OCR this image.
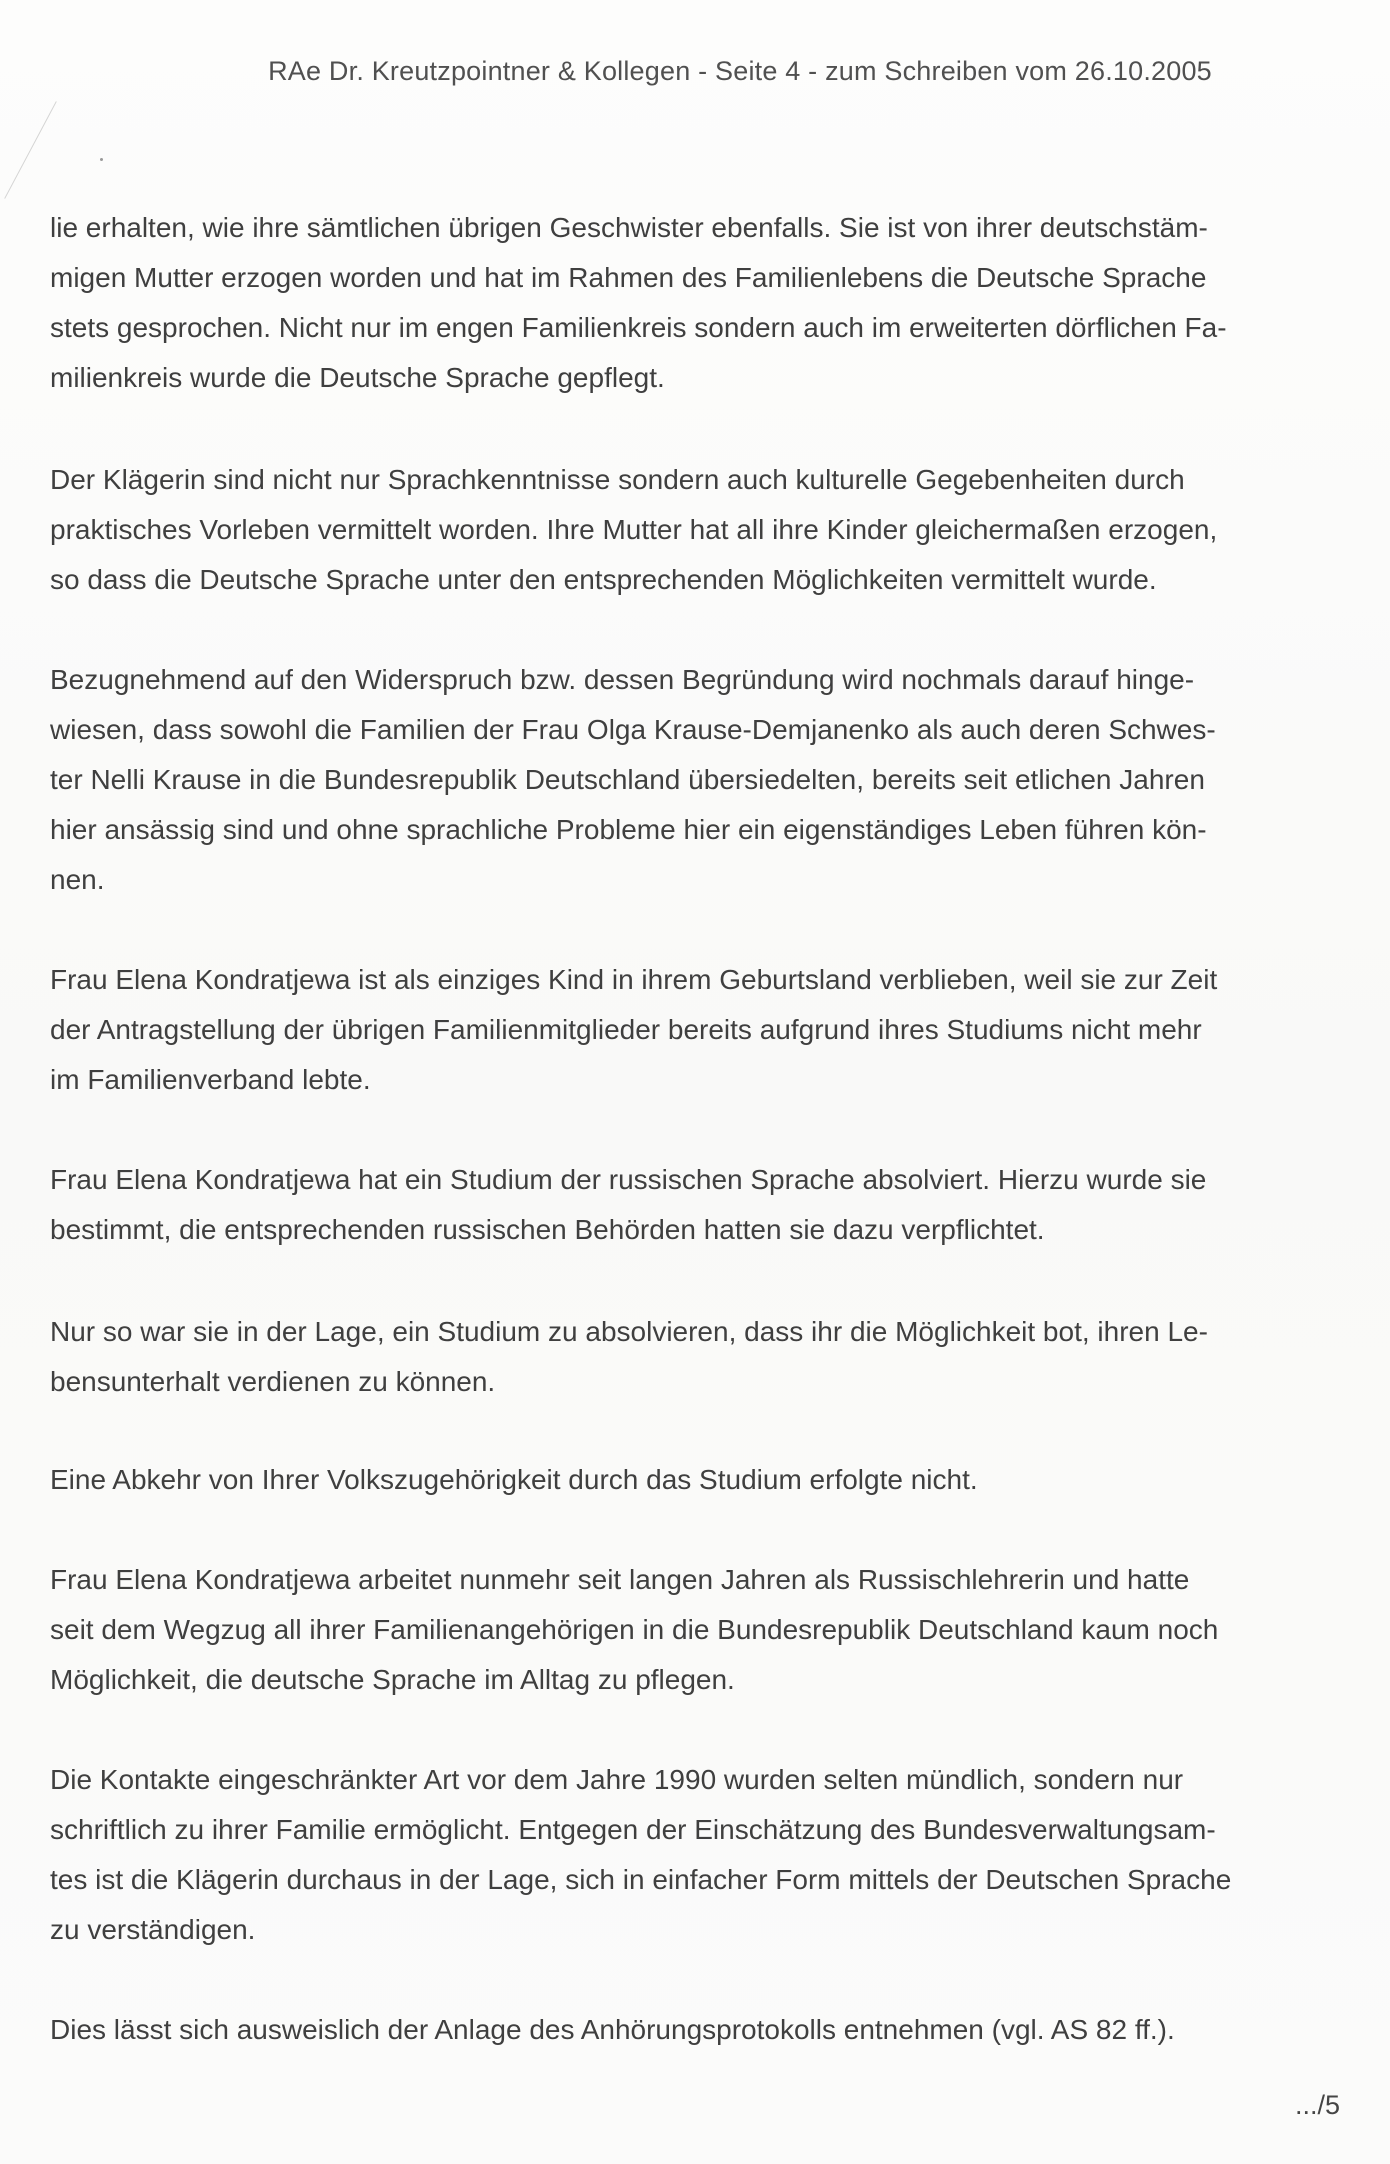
RAe Dr. Kreutzpointner & Kollegen - Seite 4 - zum Schreiben vom 26.10.2005
lie erhalten, wie ihre sämtlichen übrigen Geschwister ebenfalls. Sie ist von ihrer deutschstäm-
migen Mutter erzogen worden und hat im Rahmen des Familienlebens die Deutsche Sprache
stets gesprochen. Nicht nur im engen Familienkreis sondern auch im erweiterten dörflichen Fa-
milienkreis wurde die Deutsche Sprache gepflegt.
Der Klägerin sind nicht nur Sprachkenntnisse sondern auch kulturelle Gegebenheiten durch
praktisches Vorleben vermittelt worden. Ihre Mutter hat all ihre Kinder gleichermaßen erzogen,
so dass die Deutsche Sprache unter den entsprechenden Möglichkeiten vermittelt wurde.
Bezugnehmend auf den Widerspruch bzw. dessen Begründung wird nochmals darauf hinge-
wiesen, dass sowohl die Familien der Frau Olga Krause-Demjanenko als auch deren Schwes-
ter Nelli Krause in die Bundesrepublik Deutschland übersiedelten, bereits seit etlichen Jahren
hier ansässig sind und ohne sprachliche Probleme hier ein eigenständiges Leben führen kön-
nen.
Frau Elena Kondratjewa ist als einziges Kind in ihrem Geburtsland verblieben, weil sie zur Zeit
der Antragstellung der übrigen Familienmitglieder bereits aufgrund ihres Studiums nicht mehr
im Familienverband lebte.
Frau Elena Kondratjewa hat ein Studium der russischen Sprache absolviert. Hierzu wurde sie
bestimmt, die entsprechenden russischen Behörden hatten sie dazu verpflichtet.
Nur so war sie in der Lage, ein Studium zu absolvieren, dass ihr die Möglichkeit bot, ihren Le-
bensunterhalt verdienen zu können.
Eine Abkehr von Ihrer Volkszugehörigkeit durch das Studium erfolgte nicht.
Frau Elena Kondratjewa arbeitet nunmehr seit langen Jahren als Russischlehrerin und hatte
seit dem Wegzug all ihrer Familienangehörigen in die Bundesrepublik Deutschland kaum noch
Möglichkeit, die deutsche Sprache im Alltag zu pflegen.
Die Kontakte eingeschränkter Art vor dem Jahre 1990 wurden selten mündlich, sondern nur
schriftlich zu ihrer Familie ermöglicht. Entgegen der Einschätzung des Bundesverwaltungsam-
tes ist die Klägerin durchaus in der Lage, sich in einfacher Form mittels der Deutschen Sprache
zu verständigen.
Dies lässt sich ausweislich der Anlage des Anhörungsprotokolls entnehmen (vgl. AS 82 ff.).
.../5
